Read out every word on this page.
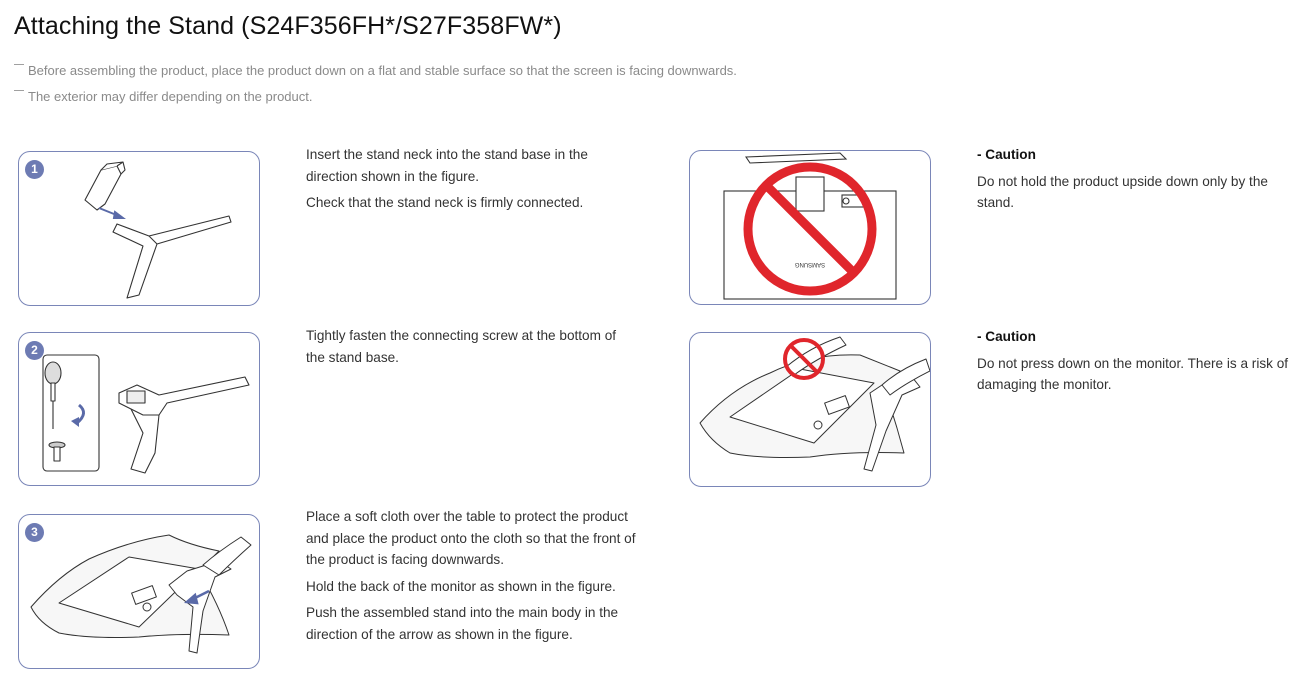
Attaching the Stand (S24F356FH*/S27F358FW*)
Before assembling the product, place the product down on a flat and stable surface so that the screen is facing downwards.
The exterior may differ depending on the product.
1

Insert the stand neck into the stand base in the direction shown in the figure.

Check that the stand neck is firmly connected.

2

Tightly fasten the connecting screw at the bottom of the stand base.

3

Place a soft cloth over the table to protect the product and place the product onto the cloth so that the front of the product is facing downwards.

Hold the back of the monitor as shown in the figure.

Push the assembled stand into the main body in the direction of the arrow as shown in the figure.

SAMSUNG

- Caution

Do not hold the product upside down only by the stand.

- Caution

Do not press down on the monitor. There is a risk of damaging the monitor.
